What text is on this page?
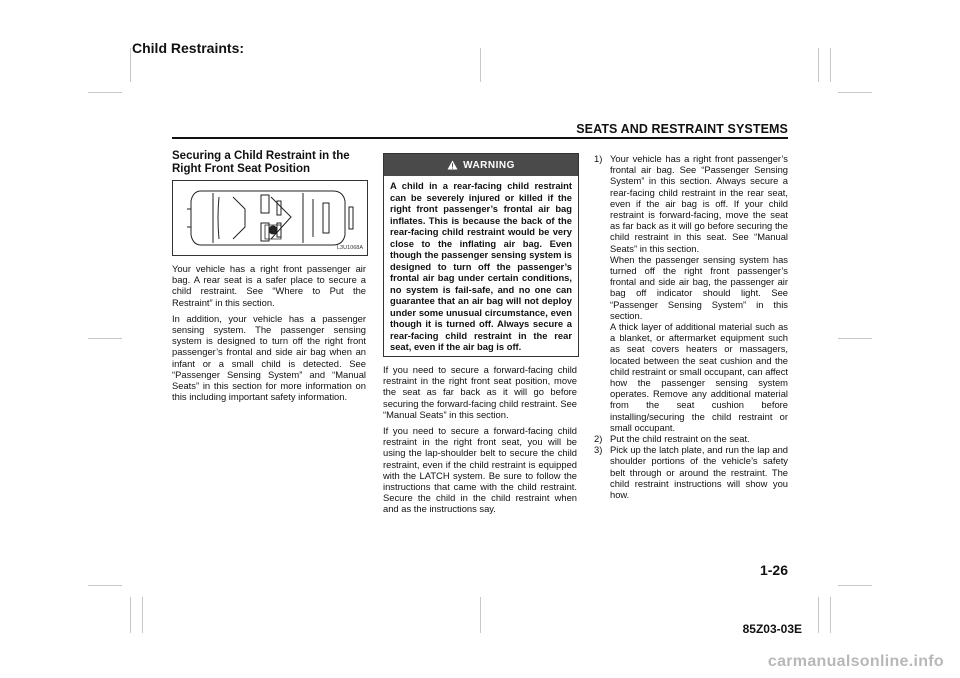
Child Restraints:
SEATS AND RESTRAINT SYSTEMS
Securing a Child Restraint in the Right Front Seat Position
L3U1068A

Your vehicle has a right front passenger air bag. A rear seat is a safer place to secure a child restraint. See “Where to Put the Restraint” in this section.

In addition, your vehicle has a passenger sensing system. The passenger sensing system is designed to turn off the right front passenger’s frontal and side air bag when an infant or a small child is detected. See “Passenger Sensing System” and “Manual Seats” in this section for more information on this including important safety information.

WARNING
A child in a rear-facing child restraint can be severely injured or killed if the right front passenger’s frontal air bag inflates. This is because the back of the rear-facing child restraint would be very close to the inflating air bag. Even though the passenger sensing system is designed to turn off the passenger’s frontal air bag under certain conditions, no system is fail-safe, and no one can guarantee that an air bag will not deploy under some unusual circumstance, even though it is turned off. Always secure a rear-facing child restraint in the rear seat, even if the air bag is off.

If you need to secure a forward-facing child restraint in the right front seat position, move the seat as far back as it will go before securing the forward-facing child restraint. See “Manual Seats” in this section.

If you need to secure a forward-facing child restraint in the right front seat, you will be using the lap-shoulder belt to secure the child restraint, even if the child restraint is equipped with the LATCH system. Be sure to follow the instructions that came with the child restraint. Secure the child in the child restraint when and as the instructions say.

1) Your vehicle has a right front passenger’s frontal air bag. See “Passenger Sensing System” in this section. Always secure a rear-facing child restraint in the rear seat, even if the air bag is off. If your child restraint is forward-facing, move the seat as far back as it will go before securing the child restraint in this seat. See “Manual Seats” in this section.

When the passenger sensing system has turned off the right front passenger’s frontal and side air bag, the passenger air bag off indicator should light. See “Passenger Sensing System” in this section.

A thick layer of additional material such as a blanket, or aftermarket equipment such as seat covers heaters or massagers, located between the seat cushion and the child restraint or small occupant, can affect how the passenger sensing system operates. Remove any additional material from the seat cushion before installing/securing the child restraint or small occupant.

2) Put the child restraint on the seat.

3) Pick up the latch plate, and run the lap and shoulder portions of the vehicle’s safety belt through or around the restraint. The child restraint instructions will show you how.

1-26
85Z03-03E
carmanualsonline.info
